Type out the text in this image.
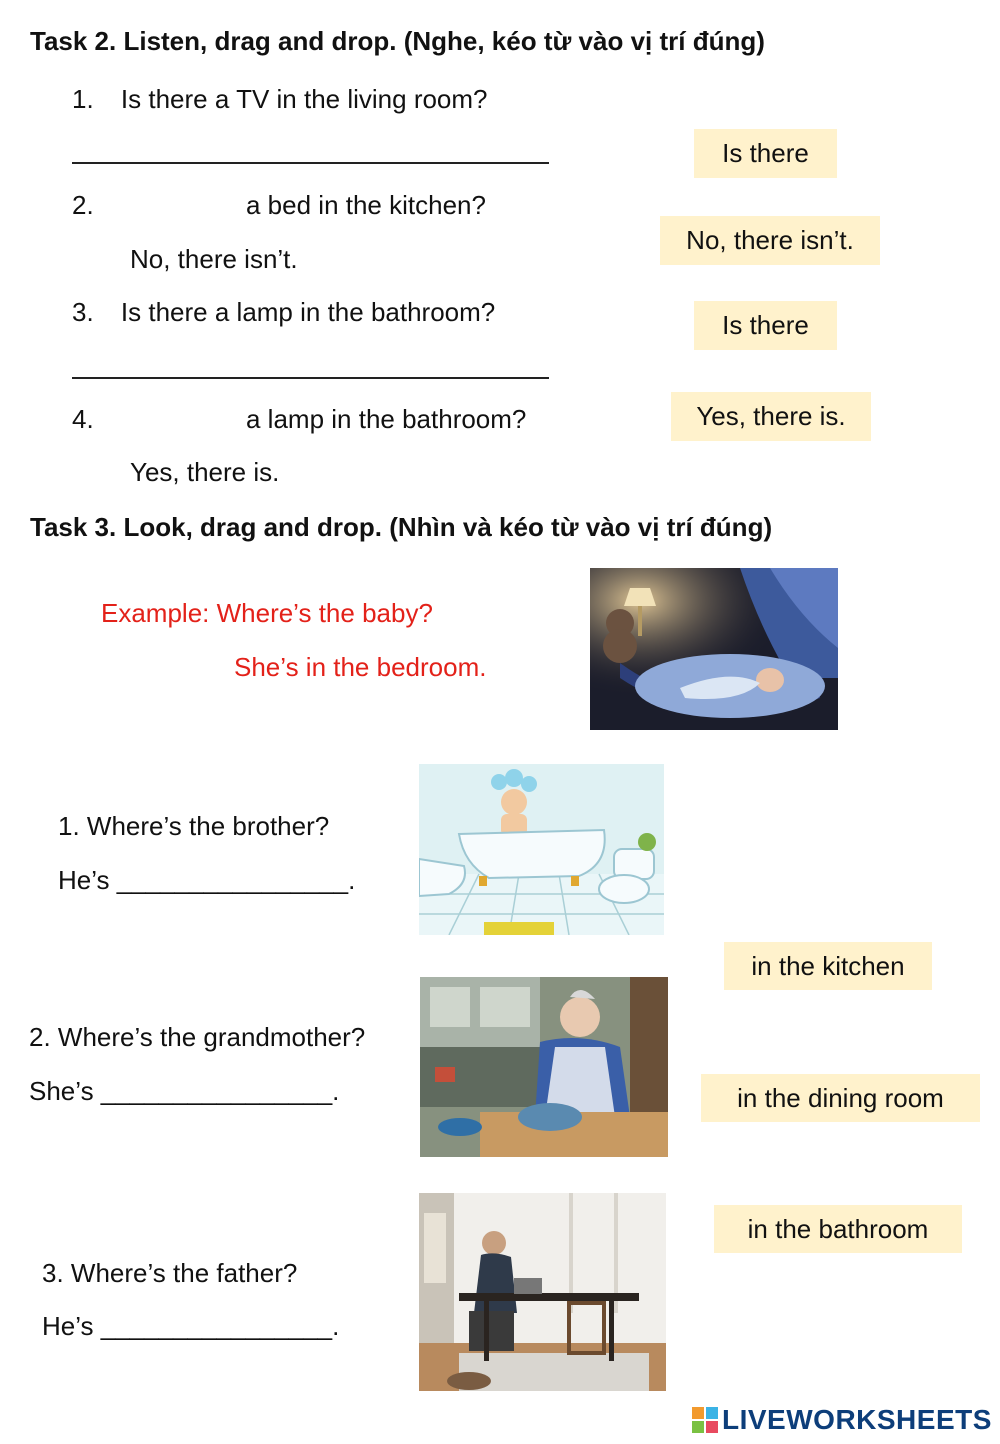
Task 2. Listen, drag and drop. (Nghe, kéo từ vào vị trí đúng)
1. Is there a TV in the living room?
2.	a bed in the kitchen?
No, there isn’t.
3. Is there a lamp in the bathroom?
4.	a lamp in the bathroom?
Yes, there is.
Is there
No, there isn’t.
Is there
Yes, there is.
Task 3. Look, drag and drop. (Nhìn và kéo từ vào vị trí đúng)
Example: Where’s the baby?
She’s in the bedroom.
1. Where’s the brother?
He’s ________________.
2. Where’s the grandmother?
She’s ________________.
3. Where’s the father?
He’s ________________.
in the kitchen
in the dining room
in the bathroom
LIVEWORKSHEETS
